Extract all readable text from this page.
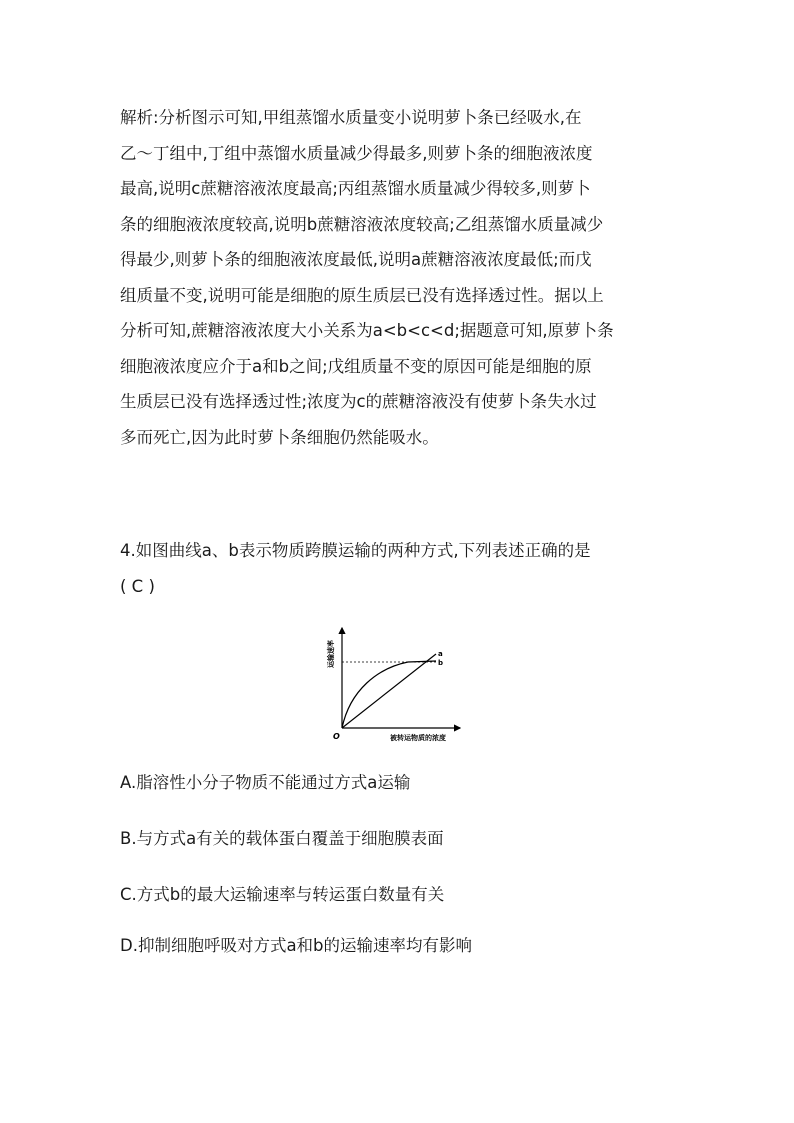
解析:分析图示可知,甲组蒸馏水质量变小说明萝卜条已经吸水,在
乙～丁组中,丁组中蒸馏水质量减少得最多,则萝卜条的细胞液浓度
最高,说明c蔗糖溶液浓度最高;丙组蒸馏水质量减少得较多,则萝卜
条的细胞液浓度较高,说明b蔗糖溶液浓度较高;乙组蒸馏水质量减少
得最少,则萝卜条的细胞液浓度最低,说明a蔗糖溶液浓度最低;而戊
组质量不变,说明可能是细胞的原生质层已没有选择透过性。据以上
分析可知,蔗糖溶液浓度大小关系为a<b<c<d;据题意可知,原萝卜条
细胞液浓度应介于a和b之间;戊组质量不变的原因可能是细胞的原
生质层已没有选择透过性;浓度为c的蔗糖溶液没有使萝卜条失水过
多而死亡,因为此时萝卜条细胞仍然能吸水。
4.如图曲线a、b表示物质跨膜运输的两种方式,下列表述正确的是
( C )
运输速率
被转运物质的浓度
O
a
b
A.脂溶性小分子物质不能通过方式a运输
B.与方式a有关的载体蛋白覆盖于细胞膜表面
C.方式b的最大运输速率与转运蛋白数量有关
D.抑制细胞呼吸对方式a和b的运输速率均有影响
